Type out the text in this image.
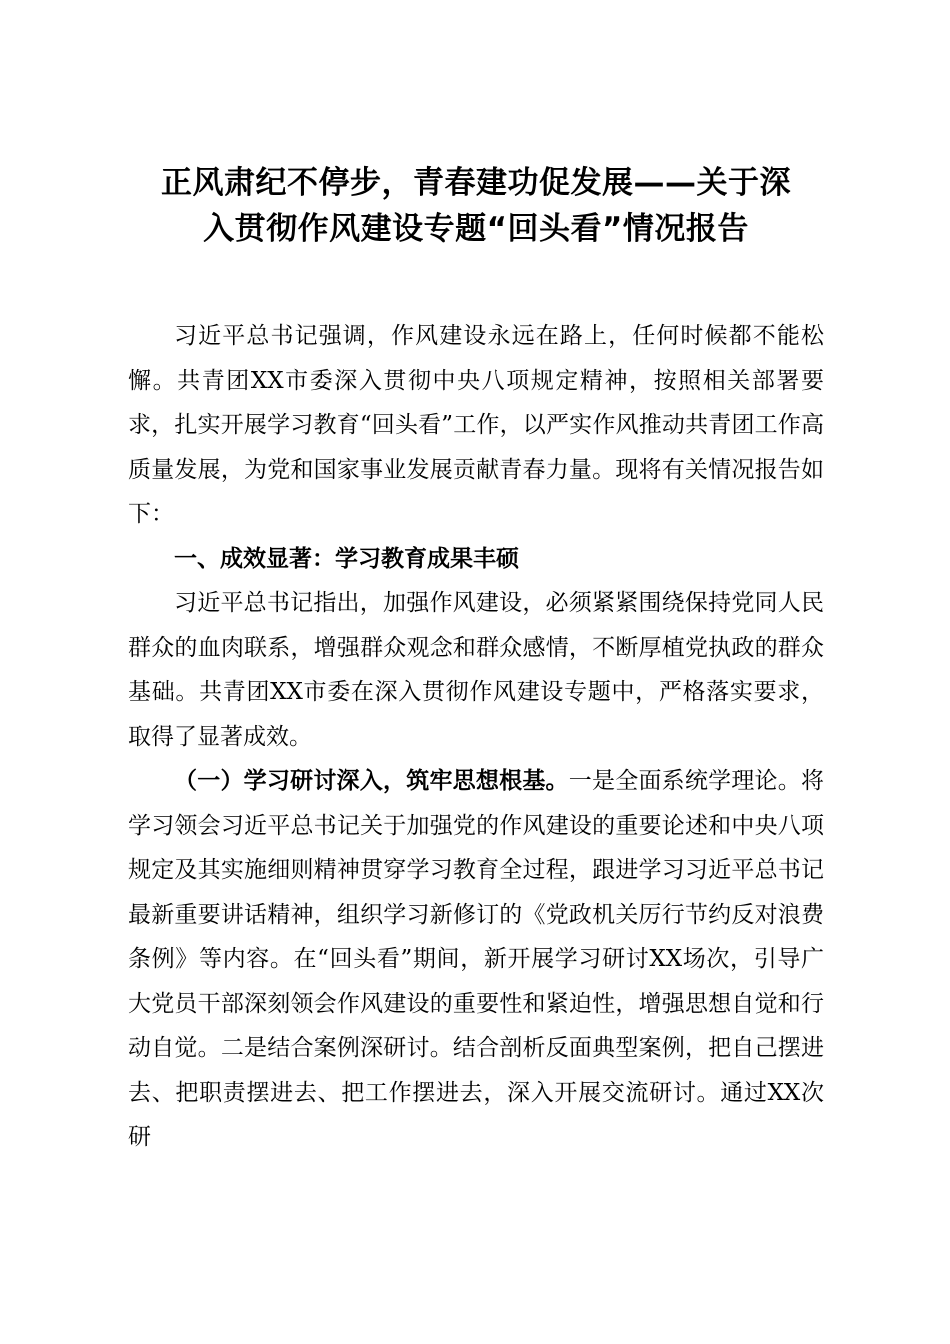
正风肃纪不停步，青春建功促发展——关于深
入贯彻作风建设专题“回头看”情况报告

习近平总书记强调，作风建设永远在路上，任何时候都不能松懈。共青团XX市委深入贯彻中央八项规定精神，按照相关部署要求，扎实开展学习教育“回头看”工作，以严实作风推动共青团工作高质量发展，为党和国家事业发展贡献青春力量。现将有关情况报告如下：

一、成效显著：学习教育成果丰硕

习近平总书记指出，加强作风建设，必须紧紧围绕保持党同人民群众的血肉联系，增强群众观念和群众感情，不断厚植党执政的群众基础。共青团XX市委在深入贯彻作风建设专题中，严格落实要求，取得了显著成效。

（一）学习研讨深入，筑牢思想根基。一是全面系统学理论。将学习领会习近平总书记关于加强党的作风建设的重要论述和中央八项规定及其实施细则精神贯穿学习教育全过程，跟进学习习近平总书记最新重要讲话精神，组织学习新修订的《党政机关厉行节约反对浪费条例》等内容。在“回头看”期间，新开展学习研讨XX场次，引导广大党员干部深刻领会作风建设的重要性和紧迫性，增强思想自觉和行动自觉。二是结合案例深研讨。结合剖析反面典型案例，把自己摆进去、把职责摆进去、把工作摆进去，深入开展交流研讨。通过XX次研
